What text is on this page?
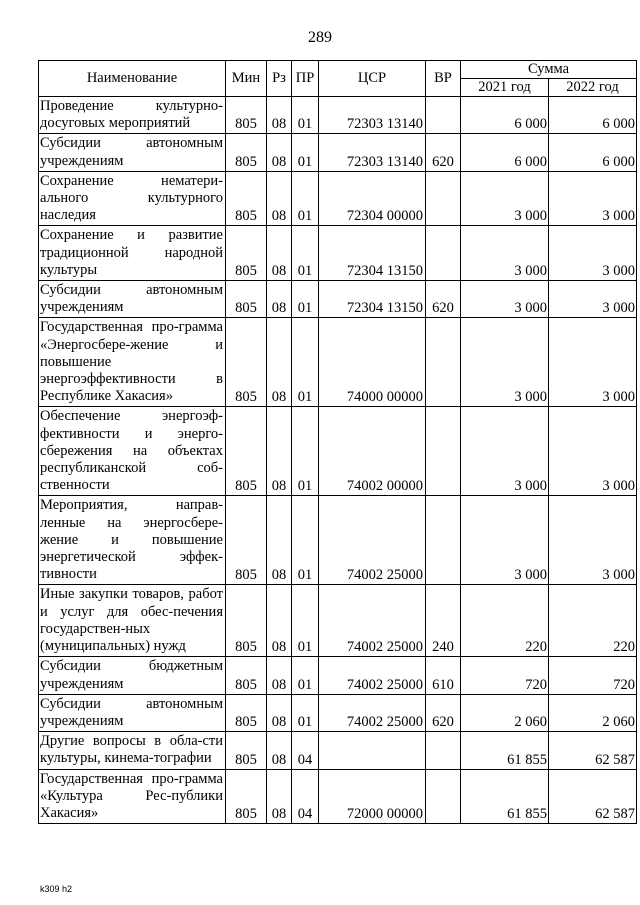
289
Наименование	Мин	Рз	ПР	ЦСР	ВР	Сумма	
						2021 год	2022 год
Проведение культурно-досуговых мероприятий	805	08	01	72303 13140		6 000	6 000
Субсидии автономным учреждениям	805	08	01	72303 13140	620	6 000	6 000
Сохранение нематери-ального культурного наследия	805	08	01	72304 00000		3 000	3 000
Сохранение и развитие традиционной народной культуры	805	08	01	72304 13150		3 000	3 000
Субсидии автономным учреждениям	805	08	01	72304 13150	620	3 000	3 000
Государственная про-грамма «Энергосбере-жение и повышение энергоэффективности в Республике Хакасия»	805	08	01	74000 00000		3 000	3 000
Обеспечение энергоэф-фективности и энерго-сбережения на объектах республиканской соб-ственности	805	08	01	74002 00000		3 000	3 000
Мероприятия, направ-ленные на энергосбере-жение и повышение энергетической эффек-тивности	805	08	01	74002 25000		3 000	3 000
Иные закупки товаров, работ и услуг для обес-печения государствен-ных (муниципальных) нужд	805	08	01	74002 25000	240	220	220
Субсидии бюджетным учреждениям	805	08	01	74002 25000	610	720	720
Субсидии автономным учреждениям	805	08	01	74002 25000	620	2 060	2 060
Другие вопросы в обла-сти культуры, кинема-тографии	805	08	04			61 855	62 587
Государственная про-грамма «Культура Рес-публики Хакасия»	805	08	04	72000 00000		61 855	62 587
k309 h2
